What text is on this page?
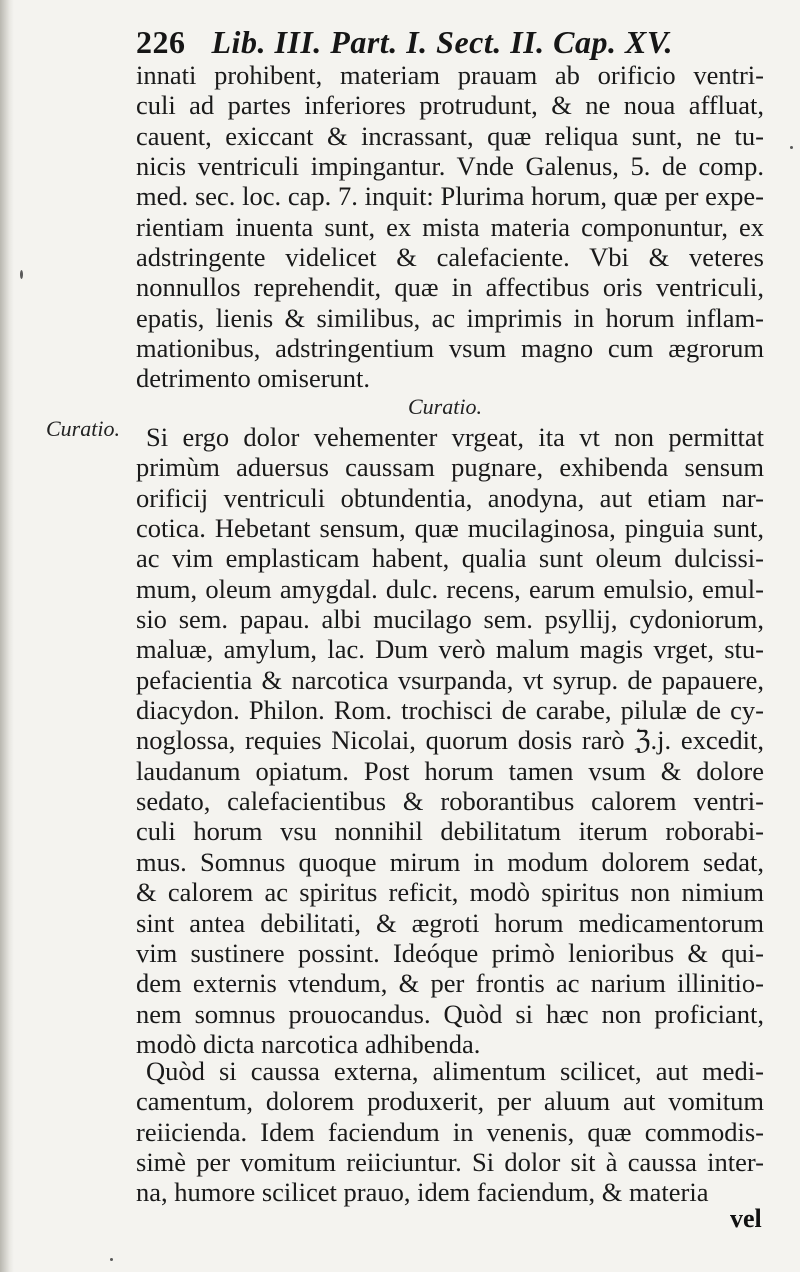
226 Lib. III. Part. I. Sect. II. Cap. XV.
innati prohibent, materiam prauam ab orificio ventri-
culi ad partes inferiores protrudunt, & ne noua affluat,
cauent, exiccant & incrassant, quæ reliqua sunt, ne tu-
nicis ventriculi impingantur. Vnde Galenus, 5. de comp.
med. sec. loc. cap. 7. inquit: Plurima horum, quæ per expe-
rientiam inuenta sunt, ex mista materia componuntur, ex
adstringente videlicet & calefaciente. Vbi & veteres
nonnullos reprehendit, quæ in affectibus oris ventriculi,
epatis, lienis & similibus, ac imprimis in horum inflam-
mationibus, adstringentium vsum magno cum ægrorum
detrimento omiserunt.
Curatio.
Curatio. Si ergo dolor vehementer vrgeat, ita vt non permittat
primùm aduersus caussam pugnare, exhibenda sensum
orificij ventriculi obtundentia, anodyna, aut etiam nar-
cotica. Hebetant sensum, quæ mucilaginosa, pinguia sunt,
ac vim emplasticam habent, qualia sunt oleum dulcissi-
mum, oleum amygdal. dulc. recens, earum emulsio, emul-
sio sem. papau. albi mucilago sem. psyllij, cydoniorum,
maluæ, amylum, lac. Dum verò malum magis vrget, stu-
pefacientia & narcotica vsurpanda, vt syrup. de papauere,
diacydon. Philon. Rom. trochisci de carabe, pilulæ de cy-
noglossa, requies Nicolai, quorum dosis rarò ℨ.j. excedit,
laudanum opiatum. Post horum tamen vsum & dolore
sedato, calefacientibus & roborantibus calorem ventri-
culi horum vsu nonnihil debilitatum iterum roborabi-
mus. Somnus quoque mirum in modum dolorem sedat,
& calorem ac spiritus reficit, modò spiritus non nimium
sint antea debilitati, & ægroti horum medicamentorum
vim sustinere possint. Ideóque primò lenioribus & qui-
dem externis vtendum, & per frontis ac narium illinitio-
nem somnus prouocandus. Quòd si hæc non proficiant,
modò dicta narcotica adhibenda.
Quòd si caussa externa, alimentum scilicet, aut medi-
camentum, dolorem produxerit, per aluum aut vomitum
reiicienda. Idem faciendum in venenis, quæ commodis-
simè per vomitum reiiciuntur. Si dolor sit à caussa inter-
na, humore scilicet prauo, idem faciendum, & materia
vel
